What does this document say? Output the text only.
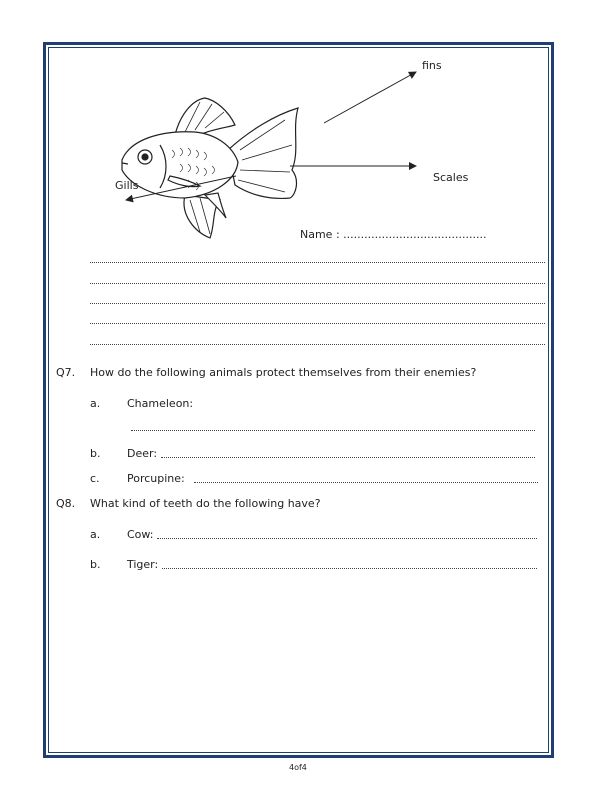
fins
Scales
Gills
Name : .........................................
Q7. How do the following animals protect themselves from their enemies?
a. Chameleon:
b. Deer:
c. Porcupine:
Q8. What kind of teeth do the following have?
a. Cow:
b. Tiger:
4of4
